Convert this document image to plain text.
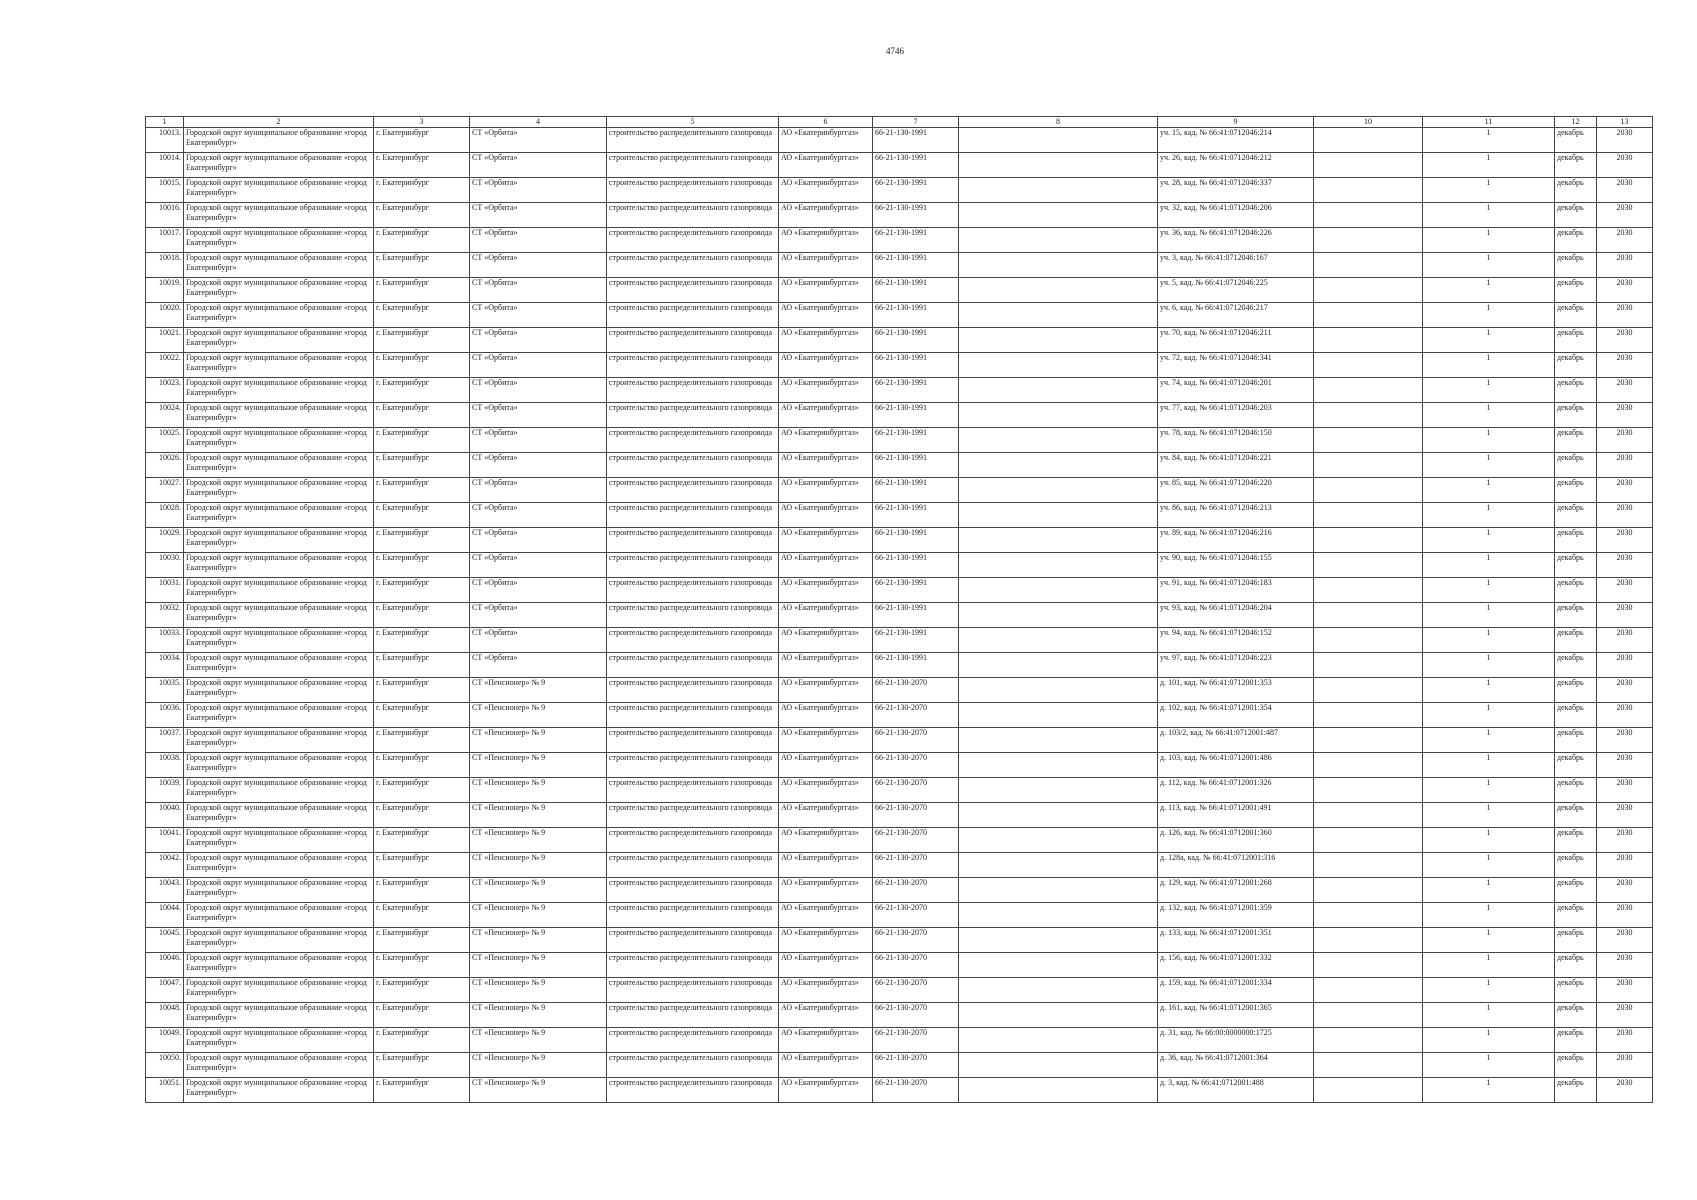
4746
1	2	3	4	5	6	7	8	9	10	11	12	13
10013.	Городской округ муниципальное образование «город Екатеринбург»	г. Екатеринбург	СТ «Орбита»	строительство распределительного газопровода	АО «Екатеринбурггаз»	66-21-130-1991		уч. 15, кад. № 66:41:0712046:214		1	декабрь	2030
10014.	Городской округ муниципальное образование «город Екатеринбург»	г. Екатеринбург	СТ «Орбита»	строительство распределительного газопровода	АО «Екатеринбурггаз»	66-21-130-1991		уч. 26, кад. № 66:41:0712046:212		1	декабрь	2030
10015.	Городской округ муниципальное образование «город Екатеринбург»	г. Екатеринбург	СТ «Орбита»	строительство распределительного газопровода	АО «Екатеринбурггаз»	66-21-130-1991		уч. 28, кад. № 66:41:0712046:337		1	декабрь	2030
10016.	Городской округ муниципальное образование «город Екатеринбург»	г. Екатеринбург	СТ «Орбита»	строительство распределительного газопровода	АО «Екатеринбурггаз»	66-21-130-1991		уч. 32, кад. № 66:41:0712046:206		1	декабрь	2030
10017.	Городской округ муниципальное образование «город Екатеринбург»	г. Екатеринбург	СТ «Орбита»	строительство распределительного газопровода	АО «Екатеринбурггаз»	66-21-130-1991		уч. 36, кад. № 66:41:0712046:226		1	декабрь	2030
10018.	Городской округ муниципальное образование «город Екатеринбург»	г. Екатеринбург	СТ «Орбита»	строительство распределительного газопровода	АО «Екатеринбурггаз»	66-21-130-1991		уч. 3, кад. № 66:41:0712046:167		1	декабрь	2030
10019.	Городской округ муниципальное образование «город Екатеринбург»	г. Екатеринбург	СТ «Орбита»	строительство распределительного газопровода	АО «Екатеринбурггаз»	66-21-130-1991		уч. 5, кад. № 66:41:0712046:225		1	декабрь	2030
10020.	Городской округ муниципальное образование «город Екатеринбург»	г. Екатеринбург	СТ «Орбита»	строительство распределительного газопровода	АО «Екатеринбурггаз»	66-21-130-1991		уч. 6, кад. № 66:41:0712046:217		1	декабрь	2030
10021.	Городской округ муниципальное образование «город Екатеринбург»	г. Екатеринбург	СТ «Орбита»	строительство распределительного газопровода	АО «Екатеринбурггаз»	66-21-130-1991		уч. 70, кад. № 66:41:0712046:211		1	декабрь	2030
10022.	Городской округ муниципальное образование «город Екатеринбург»	г. Екатеринбург	СТ «Орбита»	строительство распределительного газопровода	АО «Екатеринбурггаз»	66-21-130-1991		уч. 72, кад. № 66:41:0712046:341		1	декабрь	2030
10023.	Городской округ муниципальное образование «город Екатеринбург»	г. Екатеринбург	СТ «Орбита»	строительство распределительного газопровода	АО «Екатеринбурггаз»	66-21-130-1991		уч. 74, кад. № 66:41:0712046:201		1	декабрь	2030
10024.	Городской округ муниципальное образование «город Екатеринбург»	г. Екатеринбург	СТ «Орбита»	строительство распределительного газопровода	АО «Екатеринбурггаз»	66-21-130-1991		уч. 77, кад. № 66:41:0712046:203		1	декабрь	2030
10025.	Городской округ муниципальное образование «город Екатеринбург»	г. Екатеринбург	СТ «Орбита»	строительство распределительного газопровода	АО «Екатеринбурггаз»	66-21-130-1991		уч. 78, кад. № 66:41:0712046:150		1	декабрь	2030
10026.	Городской округ муниципальное образование «город Екатеринбург»	г. Екатеринбург	СТ «Орбита»	строительство распределительного газопровода	АО «Екатеринбурггаз»	66-21-130-1991		уч. 84, кад. № 66:41:0712046:221		1	декабрь	2030
10027.	Городской округ муниципальное образование «город Екатеринбург»	г. Екатеринбург	СТ «Орбита»	строительство распределительного газопровода	АО «Екатеринбурггаз»	66-21-130-1991		уч. 85, кад. № 66:41:0712046:220		1	декабрь	2030
10028.	Городской округ муниципальное образование «город Екатеринбург»	г. Екатеринбург	СТ «Орбита»	строительство распределительного газопровода	АО «Екатеринбурггаз»	66-21-130-1991		уч. 86, кад. № 66:41:0712046:213		1	декабрь	2030
10029.	Городской округ муниципальное образование «город Екатеринбург»	г. Екатеринбург	СТ «Орбита»	строительство распределительного газопровода	АО «Екатеринбурггаз»	66-21-130-1991		уч. 89, кад. № 66:41:0712046:216		1	декабрь	2030
10030.	Городской округ муниципальное образование «город Екатеринбург»	г. Екатеринбург	СТ «Орбита»	строительство распределительного газопровода	АО «Екатеринбурггаз»	66-21-130-1991		уч. 90, кад. № 66:41:0712046:155		1	декабрь	2030
10031.	Городской округ муниципальное образование «город Екатеринбург»	г. Екатеринбург	СТ «Орбита»	строительство распределительного газопровода	АО «Екатеринбурггаз»	66-21-130-1991		уч. 91, кад. № 66:41:0712046:183		1	декабрь	2030
10032.	Городской округ муниципальное образование «город Екатеринбург»	г. Екатеринбург	СТ «Орбита»	строительство распределительного газопровода	АО «Екатеринбурггаз»	66-21-130-1991		уч. 93, кад. № 66:41:0712046:204		1	декабрь	2030
10033.	Городской округ муниципальное образование «город Екатеринбург»	г. Екатеринбург	СТ «Орбита»	строительство распределительного газопровода	АО «Екатеринбурггаз»	66-21-130-1991		уч. 94, кад. № 66:41:0712046:152		1	декабрь	2030
10034.	Городской округ муниципальное образование «город Екатеринбург»	г. Екатеринбург	СТ «Орбита»	строительство распределительного газопровода	АО «Екатеринбурггаз»	66-21-130-1991		уч. 97, кад. № 66:41:0712046:223		1	декабрь	2030
10035.	Городской округ муниципальное образование «город Екатеринбург»	г. Екатеринбург	СТ «Пенсионер» № 9	строительство распределительного газопровода	АО «Екатеринбурггаз»	66-21-130-2070		д. 101, кад. № 66:41:0712001:353		1	декабрь	2030
10036.	Городской округ муниципальное образование «город Екатеринбург»	г. Екатеринбург	СТ «Пенсионер» № 9	строительство распределительного газопровода	АО «Екатеринбурггаз»	66-21-130-2070		д. 102, кад. № 66:41:0712001:354		1	декабрь	2030
10037.	Городской округ муниципальное образование «город Екатеринбург»	г. Екатеринбург	СТ «Пенсионер» № 9	строительство распределительного газопровода	АО «Екатеринбурггаз»	66-21-130-2070		д. 103/2, кад. № 66:41:0712001:487		1	декабрь	2030
10038.	Городской округ муниципальное образование «город Екатеринбург»	г. Екатеринбург	СТ «Пенсионер» № 9	строительство распределительного газопровода	АО «Екатеринбурггаз»	66-21-130-2070		д. 103, кад. № 66:41:0712001:486		1	декабрь	2030
10039.	Городской округ муниципальное образование «город Екатеринбург»	г. Екатеринбург	СТ «Пенсионер» № 9	строительство распределительного газопровода	АО «Екатеринбурггаз»	66-21-130-2070		д. 112, кад. № 66:41:0712001:326		1	декабрь	2030
10040.	Городской округ муниципальное образование «город Екатеринбург»	г. Екатеринбург	СТ «Пенсионер» № 9	строительство распределительного газопровода	АО «Екатеринбурггаз»	66-21-130-2070		д. 113, кад. № 66:41:0712001:491		1	декабрь	2030
10041.	Городской округ муниципальное образование «город Екатеринбург»	г. Екатеринбург	СТ «Пенсионер» № 9	строительство распределительного газопровода	АО «Екатеринбурггаз»	66-21-130-2070		д. 126, кад. № 66:41:0712001:360		1	декабрь	2030
10042.	Городской округ муниципальное образование «город Екатеринбург»	г. Екатеринбург	СТ «Пенсионер» № 9	строительство распределительного газопровода	АО «Екатеринбурггаз»	66-21-130-2070		д. 128а, кад. № 66:41:0712001:316		1	декабрь	2030
10043.	Городской округ муниципальное образование «город Екатеринбург»	г. Екатеринбург	СТ «Пенсионер» № 9	строительство распределительного газопровода	АО «Екатеринбурггаз»	66-21-130-2070		д. 129, кад. № 66:41:0712001:268		1	декабрь	2030
10044.	Городской округ муниципальное образование «город Екатеринбург»	г. Екатеринбург	СТ «Пенсионер» № 9	строительство распределительного газопровода	АО «Екатеринбурггаз»	66-21-130-2070		д. 132, кад. № 66:41:0712001:359		1	декабрь	2030
10045.	Городской округ муниципальное образование «город Екатеринбург»	г. Екатеринбург	СТ «Пенсионер» № 9	строительство распределительного газопровода	АО «Екатеринбурггаз»	66-21-130-2070		д. 133, кад. № 66:41:0712001:351		1	декабрь	2030
10046.	Городской округ муниципальное образование «город Екатеринбург»	г. Екатеринбург	СТ «Пенсионер» № 9	строительство распределительного газопровода	АО «Екатеринбурггаз»	66-21-130-2070		д. 156, кад. № 66:41:0712001:332		1	декабрь	2030
10047.	Городской округ муниципальное образование «город Екатеринбург»	г. Екатеринбург	СТ «Пенсионер» № 9	строительство распределительного газопровода	АО «Екатеринбурггаз»	66-21-130-2070		д. 159, кад. № 66:41:0712001:334		1	декабрь	2030
10048.	Городской округ муниципальное образование «город Екатеринбург»	г. Екатеринбург	СТ «Пенсионер» № 9	строительство распределительного газопровода	АО «Екатеринбурггаз»	66-21-130-2070		д. 161, кад. № 66:41:0712001:365		1	декабрь	2030
10049.	Городской округ муниципальное образование «город Екатеринбург»	г. Екатеринбург	СТ «Пенсионер» № 9	строительство распределительного газопровода	АО «Екатеринбурггаз»	66-21-130-2070		д. 31, кад. № 66:00:0000000:1725		1	декабрь	2030
10050.	Городской округ муниципальное образование «город Екатеринбург»	г. Екатеринбург	СТ «Пенсионер» № 9	строительство распределительного газопровода	АО «Екатеринбурггаз»	66-21-130-2070		д. 36, кад. № 66:41:0712001:364		1	декабрь	2030
10051.	Городской округ муниципальное образование «город Екатеринбург»	г. Екатеринбург	СТ «Пенсионер» № 9	строительство распределительного газопровода	АО «Екатеринбурггаз»	66-21-130-2070		д. 3, кад. № 66:41:0712001:488		1	декабрь	2030
